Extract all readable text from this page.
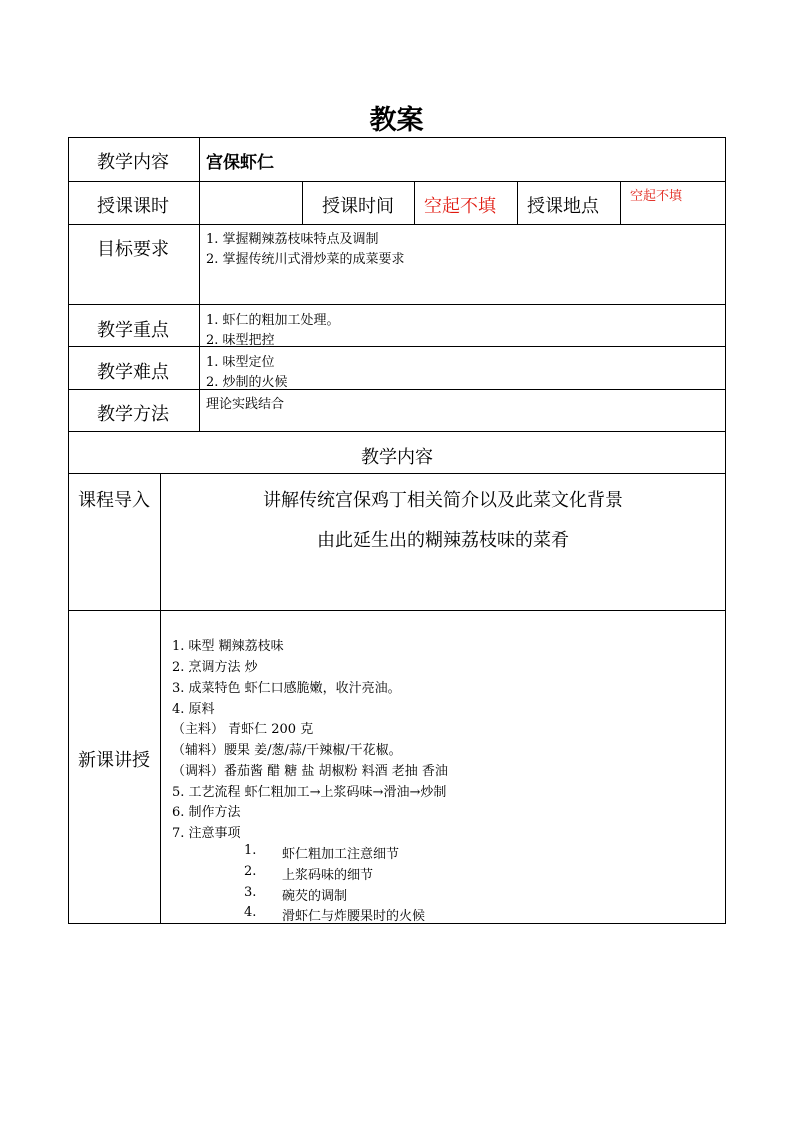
教案
教学内容 宫保虾仁
授课课时	授课时间 空起不填 授课地点 空起不填
目标要求	1. 掌握糊辣荔枝味特点及调制
2. 掌握传统川式滑炒菜的成菜要求
教学重点	1. 虾仁的粗加工处理。
2. 味型把控
教学难点	1. 味型定位
2. 炒制的火候
教学方法	理论实践结合
教学内容
课程导入	讲解传统宫保鸡丁相关简介以及此菜文化背景
由此延生出的糊辣荔枝味的菜肴
新课讲授
1. 味型 糊辣荔枝味
2. 烹调方法 炒
3. 成菜特色 虾仁口感脆嫩，收汁亮油。
4. 原料
（主料） 青虾仁 200 克
（辅料）腰果 姜/葱/蒜/干辣椒/干花椒。
（调料）番茄酱 醋 糖 盐 胡椒粉 料酒 老抽 香油
5. 工艺流程 虾仁粗加工→上浆码味→滑油→炒制
6. 制作方法
7. 注意事项
1. 虾仁粗加工注意细节
2. 上浆码味的细节
3. 碗芡的调制
4. 滑虾仁与炸腰果时的火候
